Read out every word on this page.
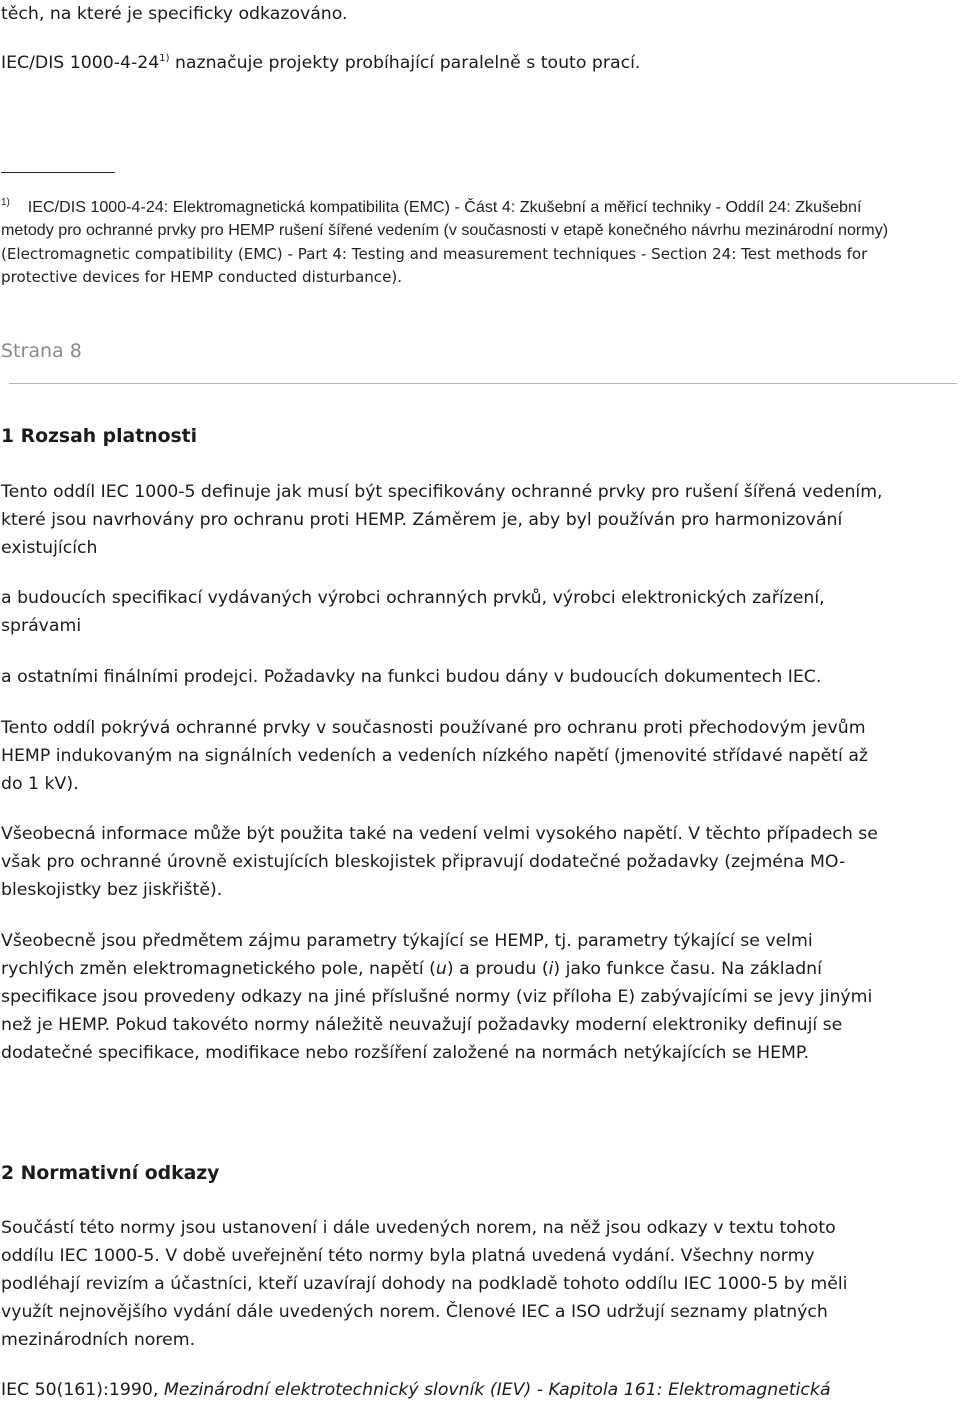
těch, na které je specificky odkazováno.

IEC/DIS 1000-4-24$^{1)}$ naznačuje projekty probíhající paralelně s touto prací.

$^{1)}$ IEC/DIS 1000-4-24: Elektromagnetická kompatibilita (EMC) - Část 4: Zkušební a měřicí techniky - Oddíl 24: Zkušební

metody pro ochranné prvky pro HEMP rušení šířené vedením (v současnosti v etapě konečného návrhu mezinárodní normy)

(Electromagnetic compatibility (EMC) - Part 4: Testing and measurement techniques - Section 24: Test methods for

protective devices for HEMP conducted disturbance).

Strana 8

1 Rozsah platnosti

Tento oddíl IEC 1000-5 definuje jak musí být specifikovány ochranné prvky pro rušení šířená vedením,

které jsou navrhovány pro ochranu proti HEMP. Záměrem je, aby byl používán pro harmonizování

existujících

a budoucích specifikací vydávaných výrobci ochranných prvků, výrobci elektronických zařízení,

správami

a ostatními finálními prodejci. Požadavky na funkci budou dány v budoucích dokumentech IEC.

Tento oddíl pokrývá ochranné prvky v současnosti používané pro ochranu proti přechodovým jevům

HEMP indukovaným na signálních vedeních a vedeních nízkého napětí (jmenovité střídavé napětí až

do 1 kV).

Všeobecná informace může být použita také na vedení velmi vysokého napětí. V těchto případech se

však pro ochranné úrovně existujících bleskojistek připravují dodatečné požadavky (zejména MO-

bleskojistky bez jiskřiště).

Všeobecně jsou předmětem zájmu parametry týkající se HEMP, tj. parametry týkající se velmi

rychlých změn elektromagnetického pole, napětí (u) a proudu (i) jako funkce času. Na základní

specifikace jsou provedeny odkazy na jiné příslušné normy (viz příloha E) zabývajícími se jevy jinými

než je HEMP. Pokud takovéto normy náležitě neuvažují požadavky moderní elektroniky definují se

dodatečné specifikace, modifikace nebo rozšíření založené na normách netýkajících se HEMP.

2 Normativní odkazy

Součástí této normy jsou ustanovení i dále uvedených norem, na něž jsou odkazy v textu tohoto

oddílu IEC 1000-5. V době uveřejnění této normy byla platná uvedená vydání. Všechny normy

podléhají revizím a účastníci, kteří uzavírají dohody na podkladě tohoto oddílu IEC 1000-5 by měli

využít nejnovějšího vydání dále uvedených norem. Členové IEC a ISO udržují seznamy platných

mezinárodních norem.

IEC 50(161):1990, Mezinárodní elektrotechnický slovník (IEV) - Kapitola 161: Elektromagnetická
